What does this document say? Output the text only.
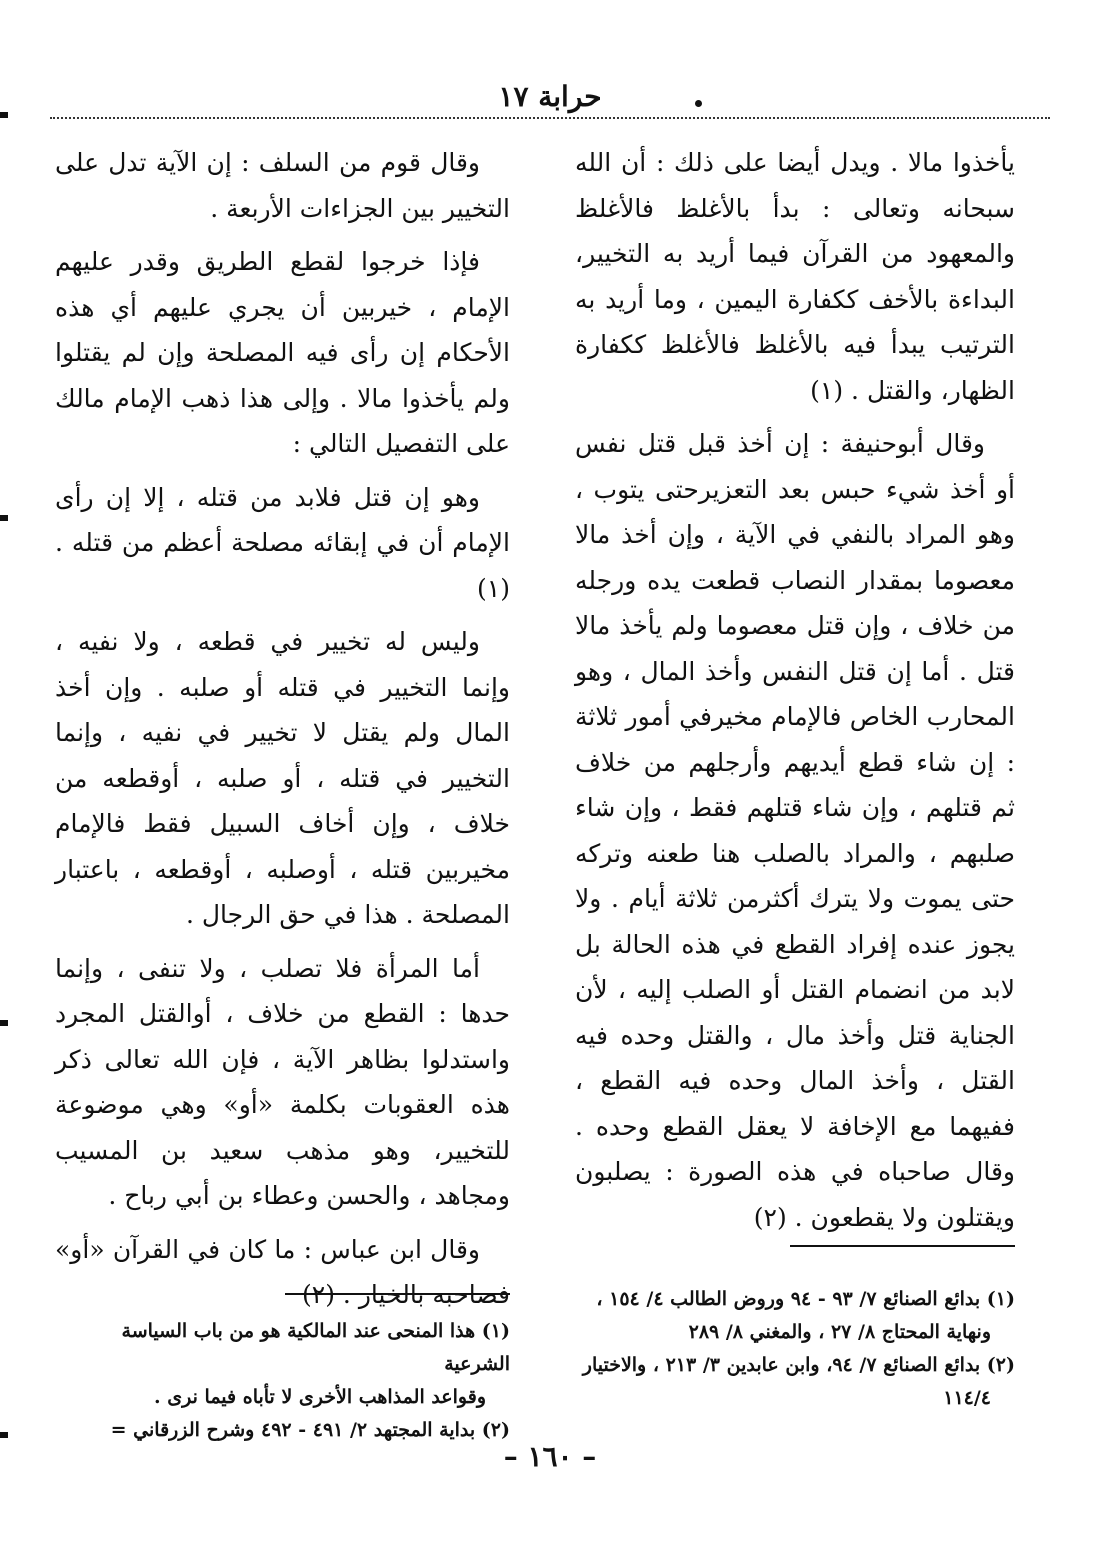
حرابة ١٧

يأخذوا مالا . ويدل أيضا على ذلك : أن الله سبحانه وتعالى : بدأ بالأغلظ فالأغلظ والمعهود من القرآن فيما أريد به التخيير، البداءة بالأخف ككفارة اليمين ، وما أريد به الترتيب يبدأ فيه بالأغلظ فالأغلظ ككفارة الظهار، والقتل . (١)

وقال أبوحنيفة : إن أخذ قبل قتل نفس أو أخذ شيء حبس بعد التعزيرحتى يتوب ، وهو المراد بالنفي في الآية ، وإن أخذ مالا معصوما بمقدار النصاب قطعت يده ورجله من خلاف ، وإن قتل معصوما ولم يأخذ مالا قتل . أما إن قتل النفس وأخذ المال ، وهو المحارب الخاص فالإمام مخيرفي أمور ثلاثة : إن شاء قطع أيديهم وأرجلهم من خلاف ثم قتلهم ، وإن شاء قتلهم فقط ، وإن شاء صلبهم ، والمراد بالصلب هنا طعنه وتركه حتى يموت ولا يترك أكثرمن ثلاثة أيام . ولا يجوز عنده إفراد القطع في هذه الحالة بل لابد من انضمام القتل أو الصلب إليه ، لأن الجناية قتل وأخذ مال ، والقتل وحده فيه القتل ، وأخذ المال وحده فيه القطع ، ففيهما مع الإخافة لا يعقل القطع وحده . وقال صاحباه في هذه الصورة : يصلبون ويقتلون ولا يقطعون . (٢)

(١) بدائع الصنائع ٧/ ٩٣ - ٩٤ وروض الطالب ٤/ ١٥٤ ،
ونهاية المحتاج ٨/ ٢٧ ، والمغني ٨/ ٢٨٩
(٢) بدائع الصنائع ٧/ ٩٤، وابن عابدين ٣/ ٢١٣ ، والاختيار
١١٤/٤

وقال قوم من السلف : إن الآية تدل على التخيير بين الجزاءات الأربعة .

فإذا خرجوا لقطع الطريق وقدر عليهم الإمام ، خيربين أن يجري عليهم أي هذه الأحكام إن رأى فيه المصلحة وإن لم يقتلوا ولم يأخذوا مالا . وإلى هذا ذهب الإمام مالك على التفصيل التالي :

وهو إن قتل فلابد من قتله ، إلا إن رأى الإمام أن في إبقائه مصلحة أعظم من قتله . (١)

وليس له تخيير في قطعه ، ولا نفيه ، وإنما التخيير في قتله أو صلبه . وإن أخذ المال ولم يقتل لا تخيير في نفيه ، وإنما التخيير في قتله ، أو صلبه ، أوقطعه من خلاف ، وإن أخاف السبيل فقط فالإمام مخيربين قتله ، أوصلبه ، أوقطعه ، باعتبار المصلحة . هذا في حق الرجال .

أما المرأة فلا تصلب ، ولا تنفى ، وإنما حدها : القطع من خلاف ، أوالقتل المجرد واستدلوا بظاهر الآية ، فإن الله تعالى ذكر هذه العقوبات بكلمة «أو» وهي موضوعة للتخيير، وهو مذهب سعيد بن المسيب ومجاهد ، والحسن وعطاء بن أبي رباح .

وقال ابن عباس : ما كان في القرآن «أو» فصاحبه بالخيار . (٢)

(١) هذا المنحى عند المالكية هو من باب السياسة الشرعية
وقواعد المذاهب الأخرى لا تأباه فيما نرى .
(٢) بداية المجتهد ٢/ ٤٩١ - ٤٩٢ وشرح الزرقاني =
– ١٦٠ –
